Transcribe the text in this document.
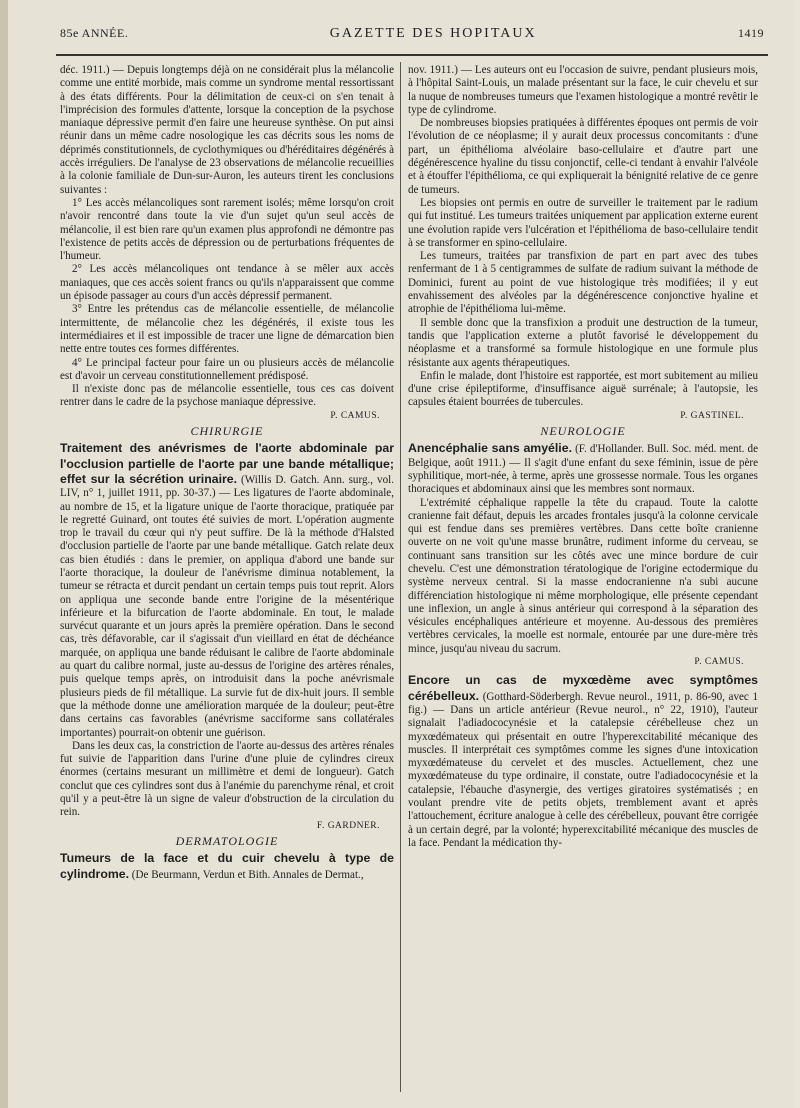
85e ANNÉE.	GAZETTE DES HOPITAUX	1419

déc. 1911.) — Depuis longtemps déjà on ne considérait plus la mélancolie comme une entité morbide, mais comme un syndrome mental ressortissant à des états différents. Pour la délimitation de ceux-ci on s'en tenait à l'imprécision des formules d'attente, lorsque la conception de la psychose maniaque dépressive permit d'en faire une heureuse synthèse. On put ainsi réunir dans un même cadre nosologique les cas décrits sous les noms de déprimés constitutionnels, de cyclothymiques ou d'héréditaires dégénérés à accès irréguliers. De l'analyse de 23 observations de mélancolie recueillies à la colonie familiale de Dun-sur-Auron, les auteurs tirent les conclusions suivantes :

1° Les accès mélancoliques sont rarement isolés; même lorsqu'on croit n'avoir rencontré dans toute la vie d'un sujet qu'un seul accès de mélancolie, il est bien rare qu'un examen plus approfondi ne démontre pas l'existence de petits accès de dépression ou de perturbations fréquentes de l'humeur.

2° Les accès mélancoliques ont tendance à se mêler aux accès maniaques, que ces accès soient francs ou qu'ils n'apparaissent que comme un épisode passager au cours d'un accès dépressif permanent.

3° Entre les prétendus cas de mélancolie essentielle, de mélancolie intermittente, de mélancolie chez les dégénérés, il existe tous les intermédiaires et il est impossible de tracer une ligne de démarcation bien nette entre toutes ces formes différentes.

4° Le principal facteur pour faire un ou plusieurs accès de mélancolie est d'avoir un cerveau constitutionnellement prédisposé.

Il n'existe donc pas de mélancolie essentielle, tous ces cas doivent rentrer dans le cadre de la psychose maniaque dépressive.

P. CAMUS.
CHIRURGIE

Traitement des anévrismes de l'aorte abdominale par l'occlusion partielle de l'aorte par une bande métallique; effet sur la sécrétion urinaire. (Willis D. Gatch. Ann. surg., vol. LIV, n° 1, juillet 1911, pp. 30-37.) — Les ligatures de l'aorte abdominale, au nombre de 15, et la ligature unique de l'aorte thoracique, pratiquée par le regretté Guinard, ont toutes été suivies de mort. L'opération augmente trop le travail du cœur qui n'y peut suffire. De là la méthode d'Halsted d'occlusion partielle de l'aorte par une bande métallique. Gatch relate deux cas bien étudiés : dans le premier, on appliqua d'abord une bande sur l'aorte thoracique, la douleur de l'anévrisme diminua notablement, la tumeur se rétracta et durcit pendant un certain temps puis tout reprit. Alors on appliqua une seconde bande entre l'origine de la mésentérique inférieure et la bifurcation de l'aorte abdominale. En tout, le malade survécut quarante et un jours après la première opération. Dans le second cas, très défavorable, car il s'agissait d'un vieillard en état de déchéance marquée, on appliqua une bande réduisant le calibre de l'aorte abdominale au quart du calibre normal, juste au-dessus de l'origine des artères rénales, puis quelque temps après, on introduisit dans la poche anévrismale plusieurs pieds de fil métallique. La survie fut de dix-huit jours. Il semble que la méthode donne une amélioration marquée de la douleur; peut-être dans certains cas favorables (anévrisme sacciforme sans collatérales importantes) pourrait-on obtenir une guérison.

Dans les deux cas, la constriction de l'aorte au-dessus des artères rénales fut suivie de l'apparition dans l'urine d'une pluie de cylindres cireux énormes (certains mesurant un millimètre et demi de longueur). Gatch conclut que ces cylindres sont dus à l'anémie du parenchyme rénal, et croit qu'il y a peut-être là un signe de valeur d'obstruction de la circulation du rein.

F. GARDNER.
DERMATOLOGIE

Tumeurs de la face et du cuir chevelu à type de cylindrome. (De Beurmann, Verdun et Bith. Annales de Dermat.,

nov. 1911.) — Les auteurs ont eu l'occasion de suivre, pendant plusieurs mois, à l'hôpital Saint-Louis, un malade présentant sur la face, le cuir chevelu et sur la nuque de nombreuses tumeurs que l'examen histologique a montré revêtir le type de cylindrome.

De nombreuses biopsies pratiquées à différentes époques ont permis de voir l'évolution de ce néoplasme; il y aurait deux processus concomitants : d'une part, un épithélioma alvéolaire baso-cellulaire et d'autre part une dégénérescence hyaline du tissu conjonctif, celle-ci tendant à envahir l'alvéole et à étouffer l'épithélioma, ce qui expliquerait la bénignité relative de ce genre de tumeurs.

Les biopsies ont permis en outre de surveiller le traitement par le radium qui fut institué. Les tumeurs traitées uniquement par application externe eurent une évolution rapide vers l'ulcération et l'épithélioma de baso-cellulaire tendit à se transformer en spino-cellulaire.

Les tumeurs, traitées par transfixion de part en part avec des tubes renfermant de 1 à 5 centigrammes de sulfate de radium suivant la méthode de Dominici, furent au point de vue histologique très modifiées; il y eut envahissement des alvéoles par la dégénérescence conjonctive hyaline et atrophie de l'épithélioma lui-même.

Il semble donc que la transfixion a produit une destruction de la tumeur, tandis que l'application externe a plutôt favorisé le développement du néoplasme et a transformé sa formule histologique en une formule plus résistante aux agents thérapeutiques.

Enfin le malade, dont l'histoire est rapportée, est mort subitement au milieu d'une crise épileptiforme, d'insuffisance aiguë surrénale; à l'autopsie, les capsules étaient bourrées de tubercules.

P. GASTINEL.
NEUROLOGIE

Anencéphalie sans amyélie. (F. d'Hollander. Bull. Soc. méd. ment. de Belgique, août 1911.) — Il s'agit d'une enfant du sexe féminin, issue de père syphilitique, mort-née, à terme, après une grossesse normale. Tous les organes thoraciques et abdominaux ainsi que les membres sont normaux.

L'extrémité céphalique rappelle la tête du crapaud. Toute la calotte cranienne fait défaut, depuis les arcades frontales jusqu'à la colonne cervicale qui est fendue dans ses premières vertèbres. Dans cette boîte cranienne ouverte on ne voit qu'une masse brunâtre, rudiment informe du cerveau, se continuant sans transition sur les côtés avec une mince bordure de cuir chevelu. C'est une démonstration tératologique de l'origine ectodermique du système nerveux central. Si la masse endocranienne n'a subi aucune différenciation histologique ni même morphologique, elle présente cependant une inflexion, un angle à sinus antérieur qui correspond à la séparation des vésicules encéphaliques antérieure et moyenne. Au-dessous des premières vertèbres cervicales, la moelle est normale, entourée par une dure-mère très mince, jusqu'au niveau du sacrum.

P. CAMUS.

Encore un cas de myxœdème avec symptômes cérébelleux. (Gotthard-Söderbergh. Revue neurol., 1911, p. 86-90, avec 1 fig.) — Dans un article antérieur (Revue neurol., n° 22, 1910), l'auteur signalait l'adiadococynésie et la catalepsie cérébelleuse chez un myxœdémateux qui présentait en outre l'hyperexcitabilité mécanique des muscles. Il interprétait ces symptômes comme les signes d'une intoxication myxœdémateuse du cervelet et des muscles. Actuellement, chez une myxœdémateuse du type ordinaire, il constate, outre l'adiadococynésie et la catalepsie, l'ébauche d'asynergie, des vertiges giratoires systématisés ; en voulant prendre vite de petits objets, tremblement avant et après l'attouchement, écriture analogue à celle des cérébelleux, pouvant être corrigée à un certain degré, par la volonté; hyperexcitabilité mécanique des muscles de la face. Pendant la médication thy-
